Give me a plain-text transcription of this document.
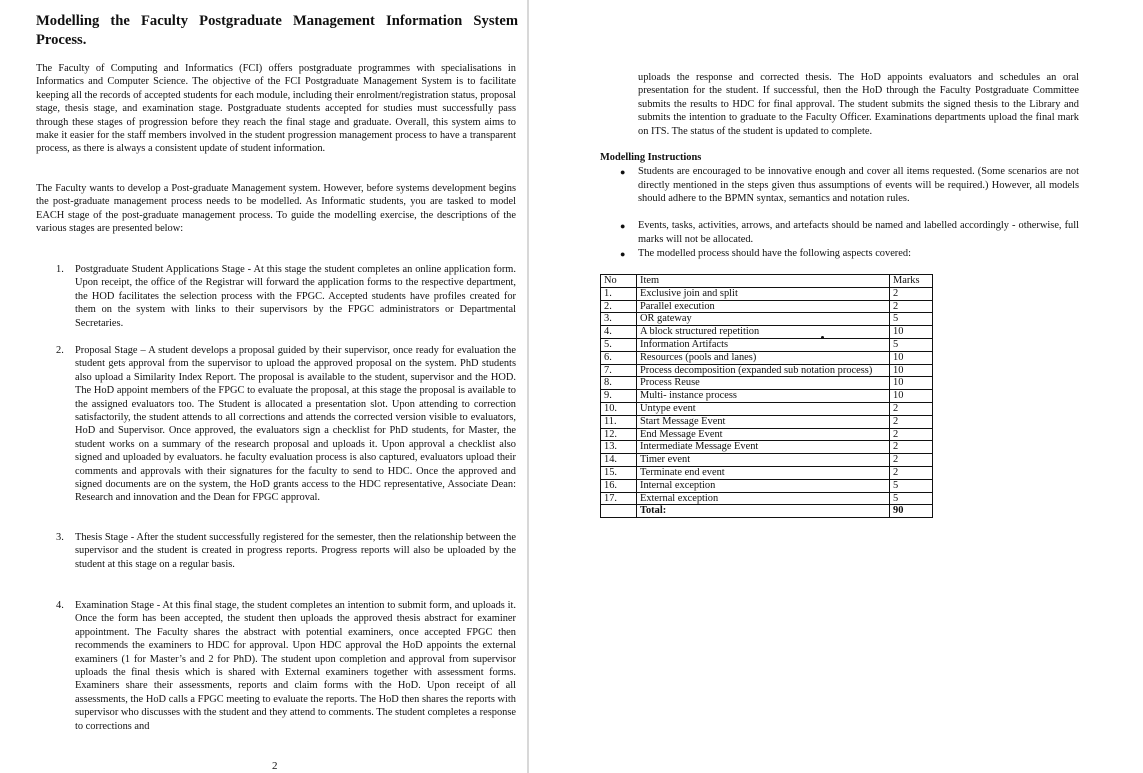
Modelling the Faculty Postgraduate Management Information System Process.

The Faculty of Computing and Informatics (FCI) offers postgraduate programmes with specialisations in Informatics and Computer Science. The objective of the FCI Postgraduate Management System is to facilitate keeping all the records of accepted students for each module, including their enrolment/registration status, proposal stage, thesis stage, and examination stage. Postgraduate students accepted for studies must successfully pass through these stages of progression before they reach the final stage and graduate. Overall, this system aims to make it easier for the staff members involved in the student progression management process to have a transparent process, as there is always a consistent update of student information.

The Faculty wants to develop a Post-graduate Management system. However, before systems development begins the post-graduate management process needs to be modelled. As Informatic students, you are tasked to model EACH stage of the post-graduate management process. To guide the modelling exercise, the descriptions of the various stages are presented below:

1. Postgraduate Student Applications Stage - At this stage the student completes an online application form. Upon receipt, the office of the Registrar will forward the application forms to the respective department, the HOD facilitates the selection process with the FPGC. Accepted students have profiles created for them on the system with links to their supervisors by the FPGC administrators or Departmental Secretaries.

2. Proposal Stage – A student develops a proposal guided by their supervisor, once ready for evaluation the student gets approval from the supervisor to upload the approved proposal on the system. PhD students also upload a Similarity Index Report. The proposal is available to the student, supervisor and the HOD. The HoD appoint members of the FPGC to evaluate the proposal, at this stage the proposal is available to the assigned evaluators too. The Student is allocated a presentation slot. Upon attending to correction satisfactorily, the student attends to all corrections and attends the corrected version visible to evaluators, HoD and Supervisor. Once approved, the evaluators sign a checklist for PhD students, for Master, the student works on a summary of the research proposal and uploads it. Upon approval a checklist also signed and uploaded by evaluators. he faculty evaluation process is also captured, evaluators upload their comments and approvals with their signatures for the faculty to send to HDC. Once the approved and signed documents are on the system, the HoD grants access to the HDC representative, Associate Dean: Research and innovation and the Dean for FPGC approval.

3. Thesis Stage - After the student successfully registered for the semester, then the relationship between the supervisor and the student is created in progress reports. Progress reports will also be uploaded by the student at this stage on a regular basis.

4. Examination Stage - At this final stage, the student completes an intention to submit form, and uploads it. Once the form has been accepted, the student then uploads the approved thesis abstract for examiner appointment. The Faculty shares the abstract with potential examiners, once accepted FPGC then recommends the examiners to HDC for approval. Upon HDC approval the HoD appoints the external examiners (1 for Master’s and 2 for PhD). The student upon completion and approval from supervisor uploads the final thesis which is shared with External examiners together with assessment forms. Examiners share their assessments, reports and claim forms with the HoD. Upon receipt of all assessments, the HoD calls a FPGC meeting to evaluate the reports. The HoD then shares the reports with supervisor who discusses with the student and they attend to comments. The student completes a response to corrections and

2

uploads the response and corrected thesis. The HoD appoints evaluators and schedules an oral presentation for the student. If successful, then the HoD through the Faculty Postgraduate Committee submits the results to HDC for final approval. The student submits the signed thesis to the Library and submits the intention to graduate to the Faculty Officer. Examinations departments upload the final mark on ITS. The status of the student is updated to complete.

Modelling Instructions
● Students are encouraged to be innovative enough and cover all items requested. (Some scenarios are not directly mentioned in the steps given thus assumptions of events will be required.) However, all models should adhere to the BPMN syntax, semantics and notation rules.

● Events, tasks, activities, arrows, and artefacts should be named and labelled accordingly - otherwise, full marks will not be allocated.

● The modelled process should have the following aspects covered:

No	Item	Marks
1.	Exclusive join and split	2
2.	Parallel execution	2
3.	OR gateway	5
4.	A block structured repetition	10
5.	Information Artifacts	5
6.	Resources (pools and lanes)	10
7.	Process decomposition (expanded sub notation process)	10
8.	Process Reuse	10
9.	Multi- instance process	10
10.	Untype event	2
11.	Start Message Event	2
12.	End Message Event	2
13.	Intermediate Message Event	2
14.	Timer event	2
15.	Terminate end event	2
16.	Internal exception	5
17.	External exception	5
	Total:	90
